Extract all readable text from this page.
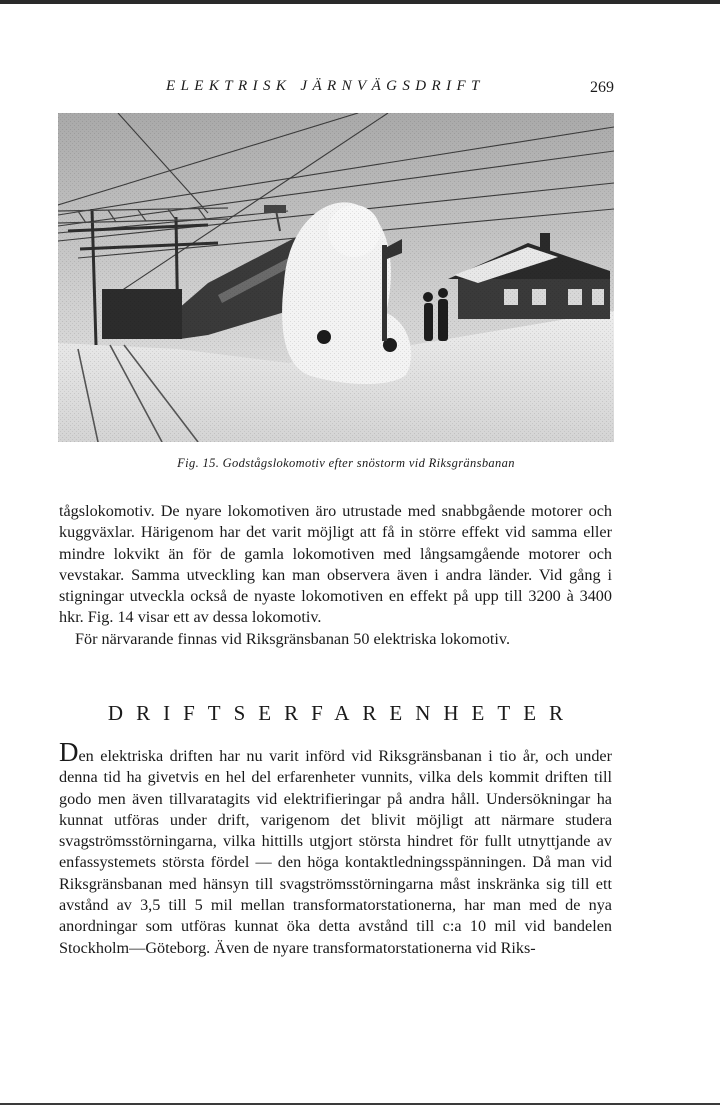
ELEKTRISK JÄRNVÄGSDRIFT	269
Fig. 15. Godstågslokomotiv efter snöstorm vid Riksgränsbanan

tågslokomotiv. De nyare lokomotiven äro utrustade med snabbgående motorer och kuggväxlar. Härigenom har det varit möjligt att få in större effekt vid samma eller mindre lokvikt än för de gamla lokomotiven med långsamgående motorer och vevstakar. Samma utveckling kan man observera även i andra länder. Vid gång i stigningar utveckla också de nyaste lokomotiven en effekt på upp till 3200 à 3400 hkr. Fig. 14 visar ett av dessa lokomotiv.

För närvarande finnas vid Riksgränsbanan 50 elektriska lokomotiv.

DRIFTSERFARENHETER

Den elektriska driften har nu varit införd vid Riksgränsbanan i tio år, och under denna tid ha givetvis en hel del erfarenheter vunnits, vilka dels kommit driften till godo men även tillvaratagits vid elektrifieringar på andra håll. Undersökningar ha kunnat utföras under drift, varigenom det blivit möjligt att närmare studera svagströmsstörningarna, vilka hittills utgjort största hindret för fullt utnyttjande av enfassystemets största fördel — den höga kontaktledningsspänningen. Då man vid Riksgränsbanan med hänsyn till svagströmsstörningarna måst inskränka sig till ett avstånd av 3,5 till 5 mil mellan transformatorstationerna, har man med de nya anordningar som utföras kunnat öka detta avstånd till c:a 10 mil vid bandelen Stockholm—Göteborg. Även de nyare transformatorstationerna vid Riks-
